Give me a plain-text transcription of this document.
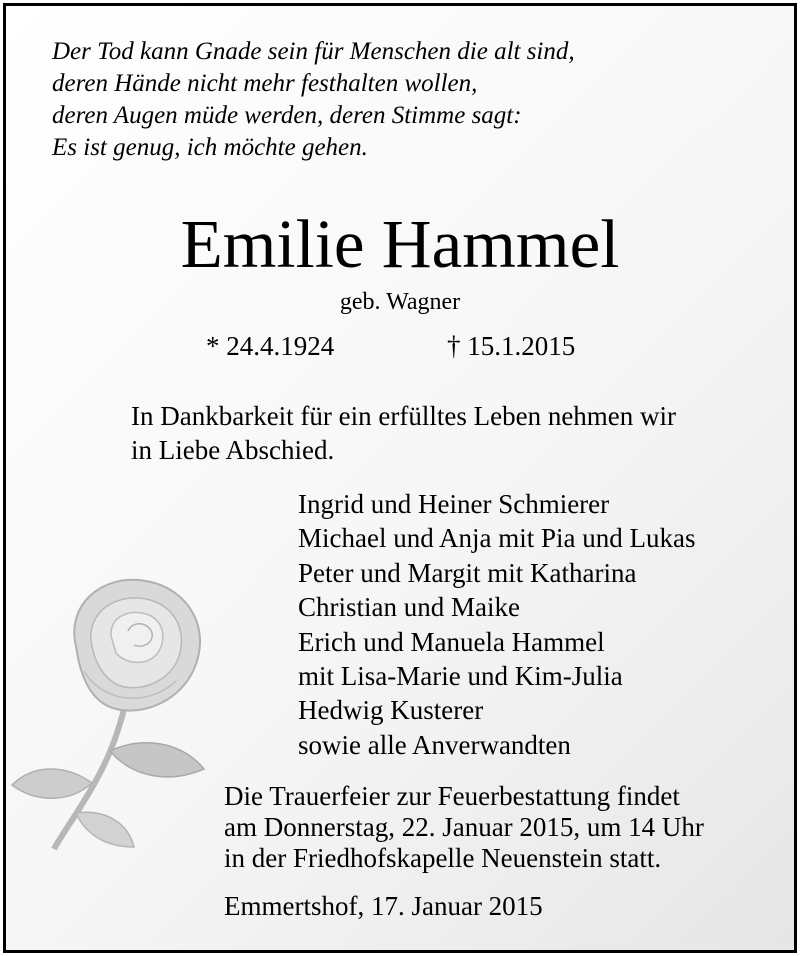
Der Tod kann Gnade sein für Menschen die alt sind,
deren Hände nicht mehr festhalten wollen,
deren Augen müde werden, deren Stimme sagt:
Es ist genug, ich möchte gehen.
Emilie Hammel
geb. Wagner
* 24.4.1924	† 15.1.2015
In Dankbarkeit für ein erfülltes Leben nehmen wir
in Liebe Abschied.
Ingrid und Heiner Schmierer
Michael und Anja mit Pia und Lukas
Peter und Margit mit Katharina
Christian und Maike
Erich und Manuela Hammel
mit Lisa-Marie und Kim-Julia
Hedwig Kusterer
sowie alle Anverwandten
Die Trauerfeier zur Feuerbestattung findet
am Donnerstag, 22. Januar 2015, um 14 Uhr
in der Friedhofskapelle Neuenstein statt.
Emmertshof, 17. Januar 2015
